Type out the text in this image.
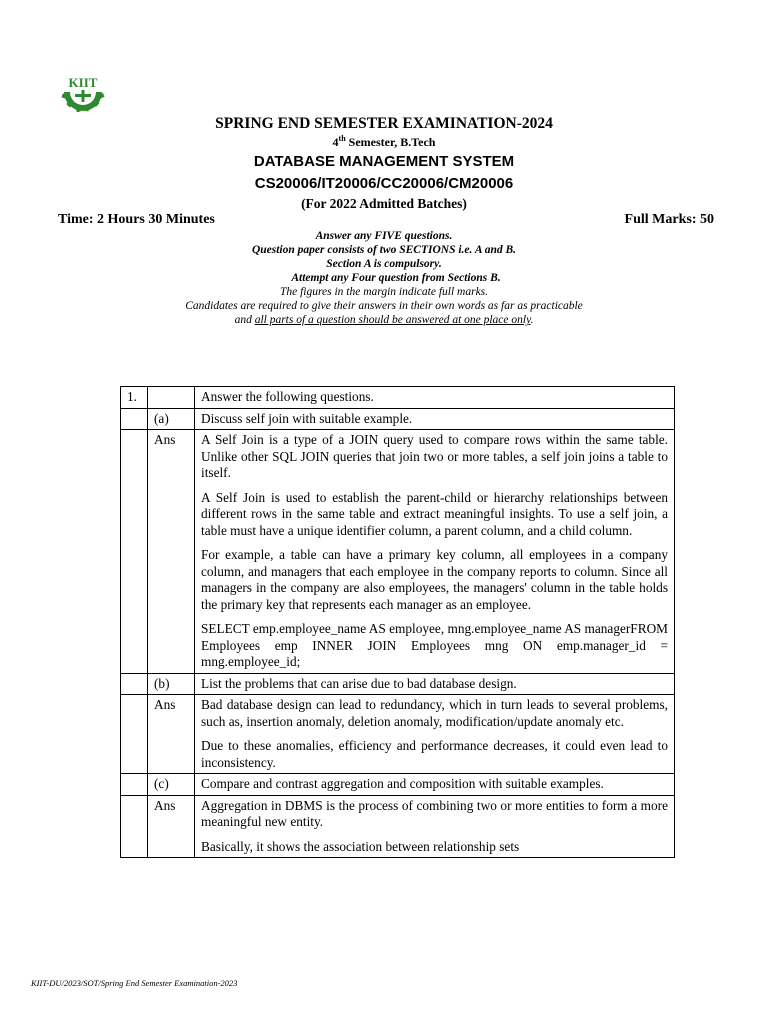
KIIT
SPRING END SEMESTER EXAMINATION-2024
4th Semester, B.Tech
DATABASE MANAGEMENT SYSTEM
CS20006/IT20006/CC20006/CM20006
(For 2022 Admitted Batches)
Time: 2 Hours 30 Minutes	Full Marks: 50
Answer any FIVE questions.
Question paper consists of two SECTIONS i.e. A and B.
Section A is compulsory.
Attempt any Four question from Sections B.
The figures in the margin indicate full marks.
Candidates are required to give their answers in their own words as far as practicable
and all parts of a question should be answered at one place only.
1.		Answer the following questions.
	(a)	Discuss self join with suitable example.
	Ans	A Self Join is a type of a JOIN query used to compare rows within the same table. Unlike other SQL JOIN queries that join two or more tables, a self join joins a table to itself.

A Self Join is used to establish the parent-child or hierarchy relationships between different rows in the same table and extract meaningful insights. To use a self join, a table must have a unique identifier column, a parent column, and a child column.

For example, a table can have a primary key column, all employees in a company column, and managers that each employee in the company reports to column. Since all managers in the company are also employees, the managers' column in the table holds the primary key that represents each manager as an employee.

SELECT emp.employee_name AS employee, mng.employee_name AS managerFROM Employees emp INNER JOIN Employees mng ON emp.manager_id = mng.employee_id;

	(b)	List the problems that can arise due to bad database design.
	Ans	Bad database design can lead to redundancy, which in turn leads to several problems, such as, insertion anomaly, deletion anomaly, modification/update anomaly etc.

Due to these anomalies, efficiency and performance decreases, it could even lead to inconsistency.

	(c)	Compare and contrast aggregation and composition with suitable examples.
	Ans	Aggregation in DBMS is the process of combining two or more entities to form a more meaningful new entity.

Basically, it shows the association between relationship sets

KIIT-DU/2023/SOT/Spring End Semester Examination-2023
